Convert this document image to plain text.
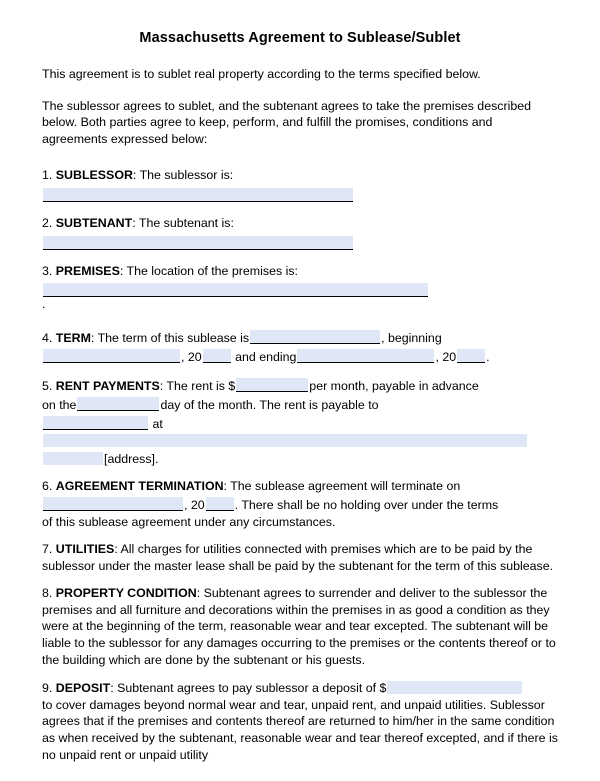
Massachusetts Agreement to Sublease/Sublet

This agreement is to sublet real property according to the terms specified below.

The sublessor agrees to sublet, and the subtenant agrees to take the premises described below. Both parties agree to keep, perform, and fulfill the promises, conditions and agreements expressed below:

1. SUBLESSOR: The sublessor is:

2. SUBTENANT: The subtenant is:

3. PREMISES: The location of the premises is:

.

4. TERM: The term of this sublease is	, beginning

, 20	and ending	, 20 .

5. RENT PAYMENTS: The rent is $	per month, payable in advance

on the	day of the month. The rent is payable to

at

[address].

6. AGREEMENT TERMINATION: The sublease agreement will terminate on

, 20 . There shall be no holding over under the terms

of this sublease agreement under any circumstances.

7. UTILITIES: All charges for utilities connected with premises which are to be paid by the sublessor under the master lease shall be paid by the subtenant for the term of this sublease.

8. PROPERTY CONDITION: Subtenant agrees to surrender and deliver to the sublessor the premises and all furniture and decorations within the premises in as good a condition as they were at the beginning of the term, reasonable wear and tear excepted. The subtenant will be liable to the sublessor for any damages occurring to the premises or the contents thereof or to the building which are done by the subtenant or his guests.

9. DEPOSIT: Subtenant agrees to pay sublessor a deposit of $

to cover damages beyond normal wear and tear, unpaid rent, and unpaid utilities. Sublessor agrees that if the premises and contents thereof are returned to him/her in the same condition as when received by the subtenant, reasonable wear and tear thereof excepted, and if there is no unpaid rent or unpaid utility
